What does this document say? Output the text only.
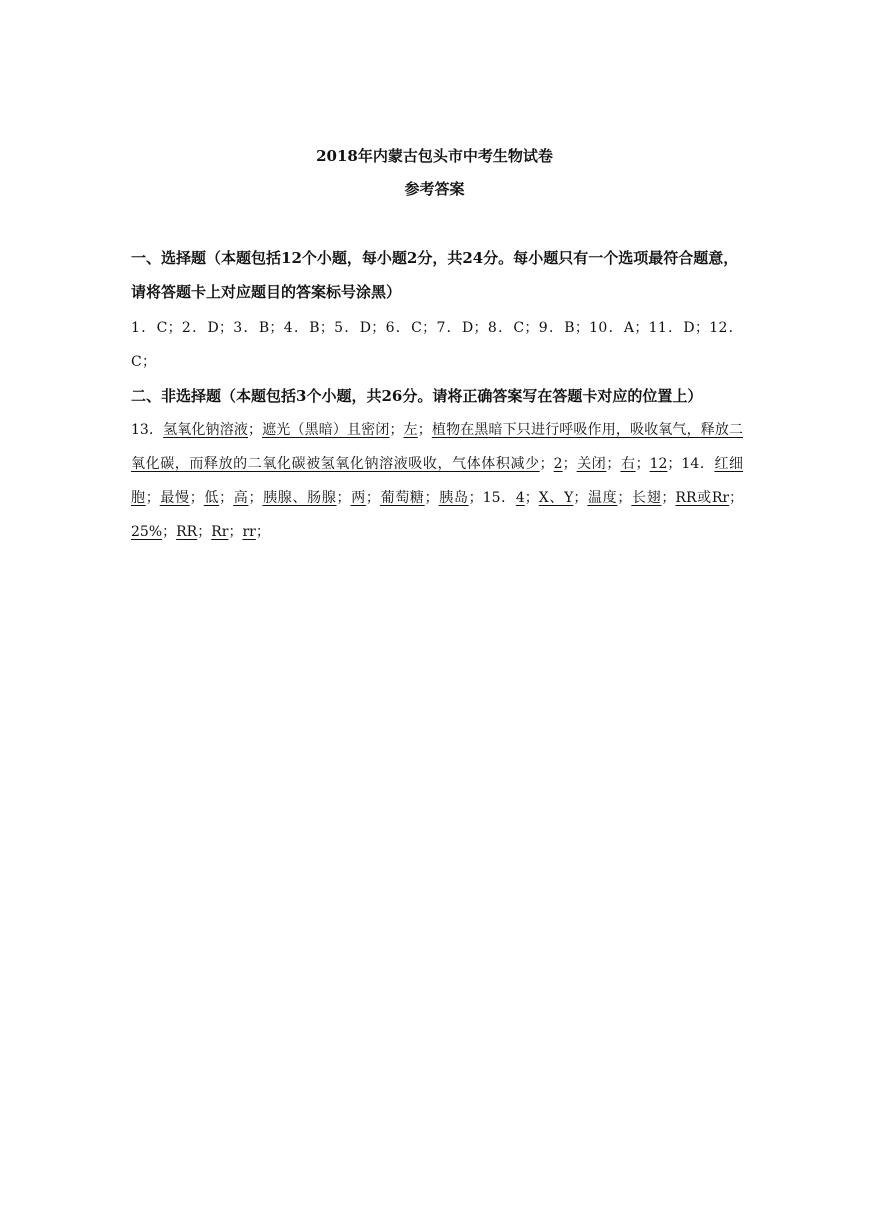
2018年内蒙古包头市中考生物试卷
参考答案
一、选择题（本题包括12个小题，每小题2分，共24分。每小题只有一个选项最符合题意，请将答题卡上对应题目的答案标号涂黑）
1．C；2．D；3．B；4．B；5．D；6．C；7．D；8．C；9．B；10．A；11．D；12．C；
二、非选择题（本题包括3个小题，共26分。请将正确答案写在答题卡对应的位置上）
13．氢氧化钠溶液；遮光（黑暗）且密闭；左；植物在黑暗下只进行呼吸作用，吸收氧气，释放二氧化碳，而释放的二氧化碳被氢氧化钠溶液吸收，气体体积减少；2；关闭；右；12；14．红细胞；最慢；低；高；胰腺、肠腺；两；葡萄糖；胰岛；15．4；X、Y；温度；长翅；RR或Rr；25%；RR；Rr；rr；
